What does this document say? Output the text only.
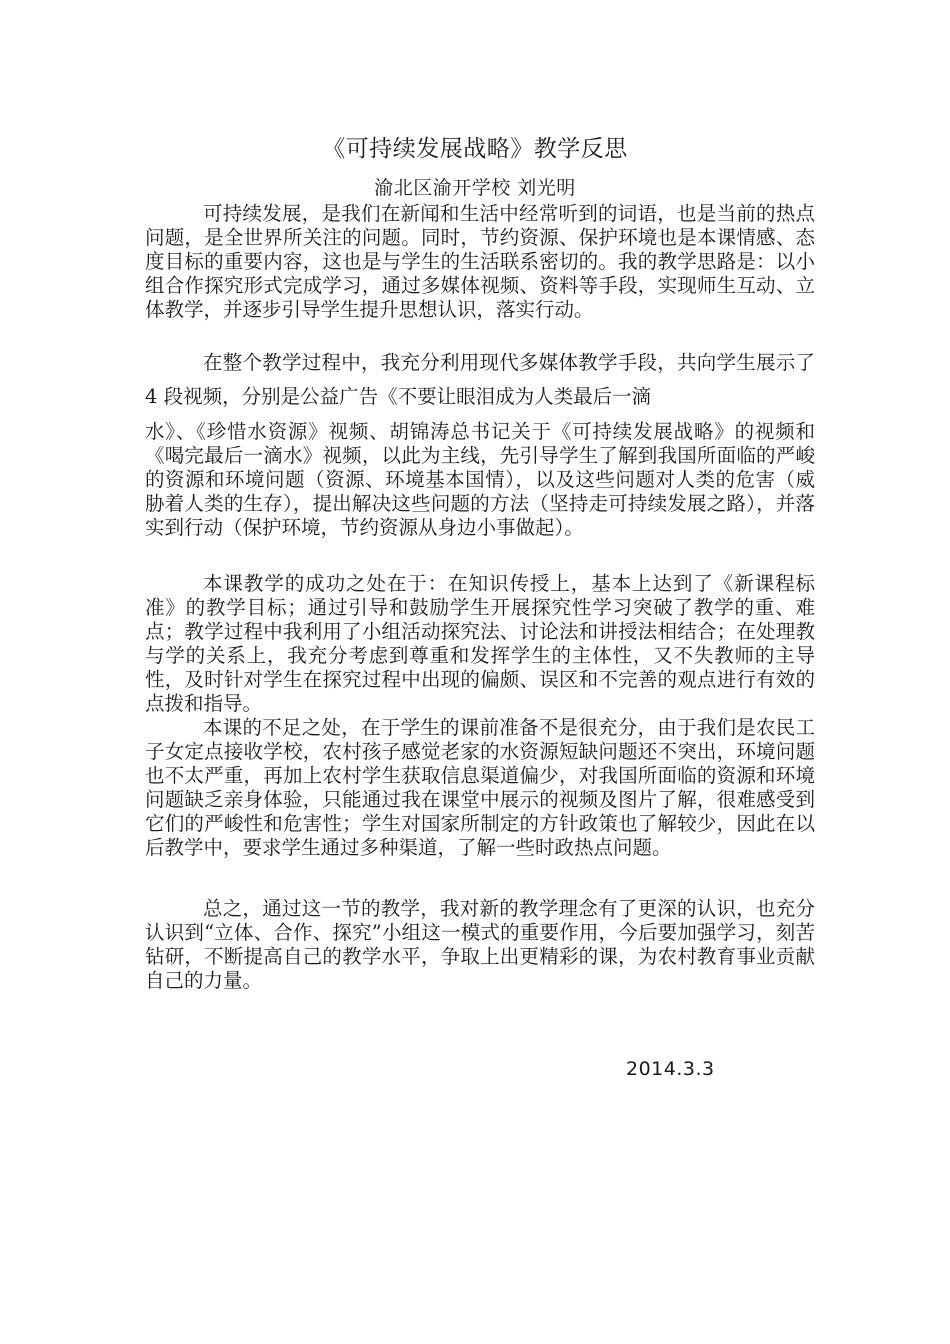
《可持续发展战略》教学反思
渝北区渝开学校 刘光明

可持续发展，是我们在新闻和生活中经常听到的词语，也是当前的热点问题，是全世界所关注的问题。同时，节约资源、保护环境也是本课情感、态度目标的重要内容，这也是与学生的生活联系密切的。我的教学思路是：以小组合作探究形式完成学习，通过多媒体视频、资料等手段，实现师生互动、立体教学，并逐步引导学生提升思想认识，落实行动。

在整个教学过程中，我充分利用现代多媒体教学手段，共向学生展示了 4 段视频，分别是公益广告《不要让眼泪成为人类最后一滴

水》、《珍惜水资源》视频、胡锦涛总书记关于《可持续发展战略》的视频和《喝完最后一滴水》视频，以此为主线，先引导学生了解到我国所面临的严峻的资源和环境问题（资源、环境基本国情），以及这些问题对人类的危害（威胁着人类的生存），提出解决这些问题的方法（坚持走可持续发展之路），并落实到行动（保护环境，节约资源从身边小事做起）。

本课教学的成功之处在于：在知识传授上，基本上达到了《新课程标准》的教学目标；通过引导和鼓励学生开展探究性学习突破了教学的重、难点；教学过程中我利用了小组活动探究法、讨论法和讲授法相结合；在处理教与学的关系上，我充分考虑到尊重和发挥学生的主体性，又不失教师的主导性，及时针对学生在探究过程中出现的偏颇、误区和不完善的观点进行有效的点拨和指导。

本课的不足之处，在于学生的课前准备不是很充分，由于我们是农民工子女定点接收学校，农村孩子感觉老家的水资源短缺问题还不突出，环境问题也不太严重，再加上农村学生获取信息渠道偏少，对我国所面临的资源和环境问题缺乏亲身体验，只能通过我在课堂中展示的视频及图片了解，很难感受到它们的严峻性和危害性；学生对国家所制定的方针政策也了解较少，因此在以后教学中，要求学生通过多种渠道，了解一些时政热点问题。

总之，通过这一节的教学，我对新的教学理念有了更深的认识，也充分认识到“立体、合作、探究”小组这一模式的重要作用，今后要加强学习，刻苦钻研，不断提高自己的教学水平，争取上出更精彩的课，为农村教育事业贡献自己的力量。

2014.3.3
